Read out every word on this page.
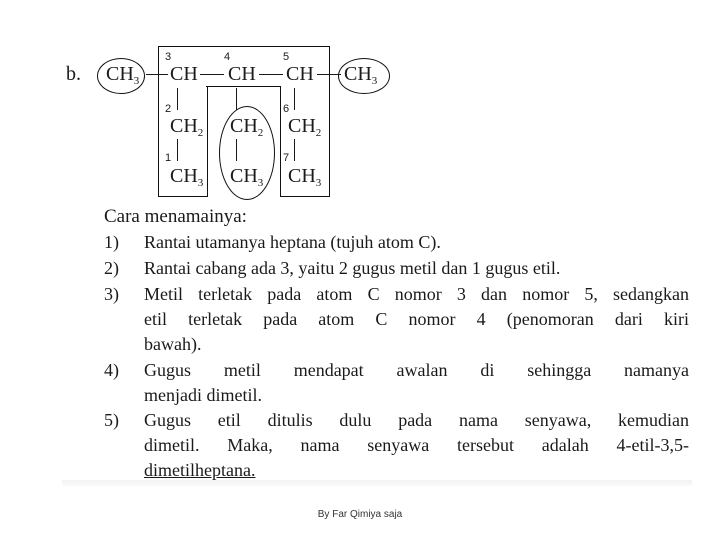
b. $CH_3$ CH CH CH $CH_3$
3	4	5
2	6
1	7
$CH_2$
$CH_3$
$CH_2$
$CH_3$
$CH_2$
$CH_3$
Cara menamainya:
1) Rantai utamanya heptana (tujuh atom C).
2) Rantai cabang ada 3, yaitu 2 gugus metil dan 1 gugus etil.
3) Metil terletak pada atom C nomor 3 dan nomor 5, sedangkan
etil terletak pada atom C nomor 4 (penomoran dari kiri
bawah).
4) Gugus metil mendapat awalan di sehingga namanya
menjadi dimetil.
5) Gugus etil ditulis dulu pada nama senyawa, kemudian
dimetil. Maka, nama senyawa tersebut adalah 4-etil-3,5-
dimetilheptana.
By Far Qimiya saja
